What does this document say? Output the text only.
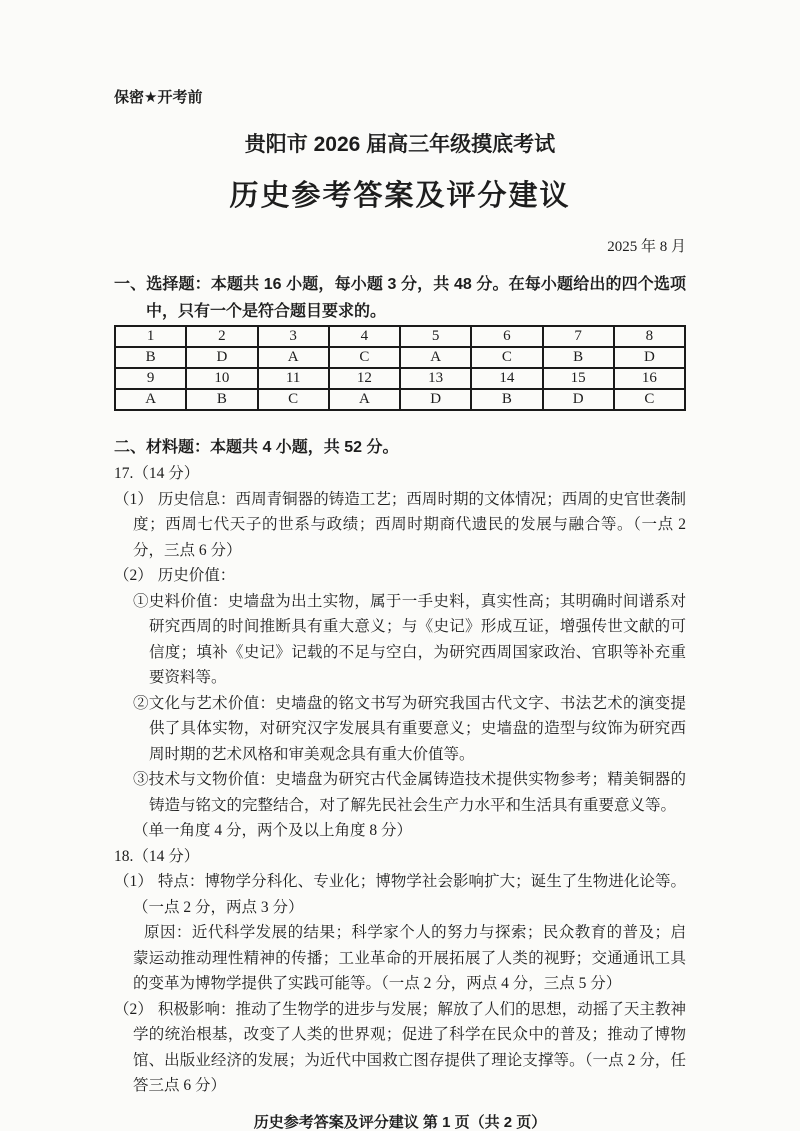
保密★开考前
贵阳市 2026 届高三年级摸底考试
历史参考答案及评分建议
2025 年 8 月
一、选择题：本题共 16 小题，每小题 3 分，共 48 分。在每小题给出的四个选项中，只有一个是符合题目要求的。
1	2	3	4	5	6	7	8
B	D	A	C	A	C	B	D
9	10	11	12	13	14	15	16
A	B	C	A	D	B	D	C
二、材料题：本题共 4 小题，共 52 分。
17.（14 分）
（1） 历史信息：西周青铜器的铸造工艺；西周时期的文体情况；西周的史官世袭制度；西周七代天子的世系与政绩；西周时期商代遗民的发展与融合等。（一点 2 分，三点 6 分）
（2） 历史价值：
①史料价值：史墙盘为出土实物，属于一手史料，真实性高；其明确时间谱系对研究西周的时间推断具有重大意义；与《史记》形成互证，增强传世文献的可信度；填补《史记》记载的不足与空白，为研究西周国家政治、官职等补充重要资料等。
②文化与艺术价值：史墙盘的铭文书写为研究我国古代文字、书法艺术的演变提供了具体实物，对研究汉字发展具有重要意义；史墙盘的造型与纹饰为研究西周时期的艺术风格和审美观念具有重大价值等。
③技术与文物价值：史墙盘为研究古代金属铸造技术提供实物参考；精美铜器的铸造与铭文的完整结合，对了解先民社会生产力水平和生活具有重要意义等。
（单一角度 4 分，两个及以上角度 8 分）
18.（14 分）
（1） 特点：博物学分科化、专业化；博物学社会影响扩大；诞生了生物进化论等。（一点 2 分，两点 3 分）
原因：近代科学发展的结果；科学家个人的努力与探索；民众教育的普及；启蒙运动推动理性精神的传播；工业革命的开展拓展了人类的视野；交通通讯工具的变革为博物学提供了实践可能等。（一点 2 分，两点 4 分，三点 5 分）
（2） 积极影响：推动了生物学的进步与发展；解放了人们的思想，动摇了天主教神学的统治根基，改变了人类的世界观；促进了科学在民众中的普及；推动了博物馆、出版业经济的发展；为近代中国救亡图存提供了理论支撑等。（一点 2 分，任答三点 6 分）
历史参考答案及评分建议 第 1 页（共 2 页）
